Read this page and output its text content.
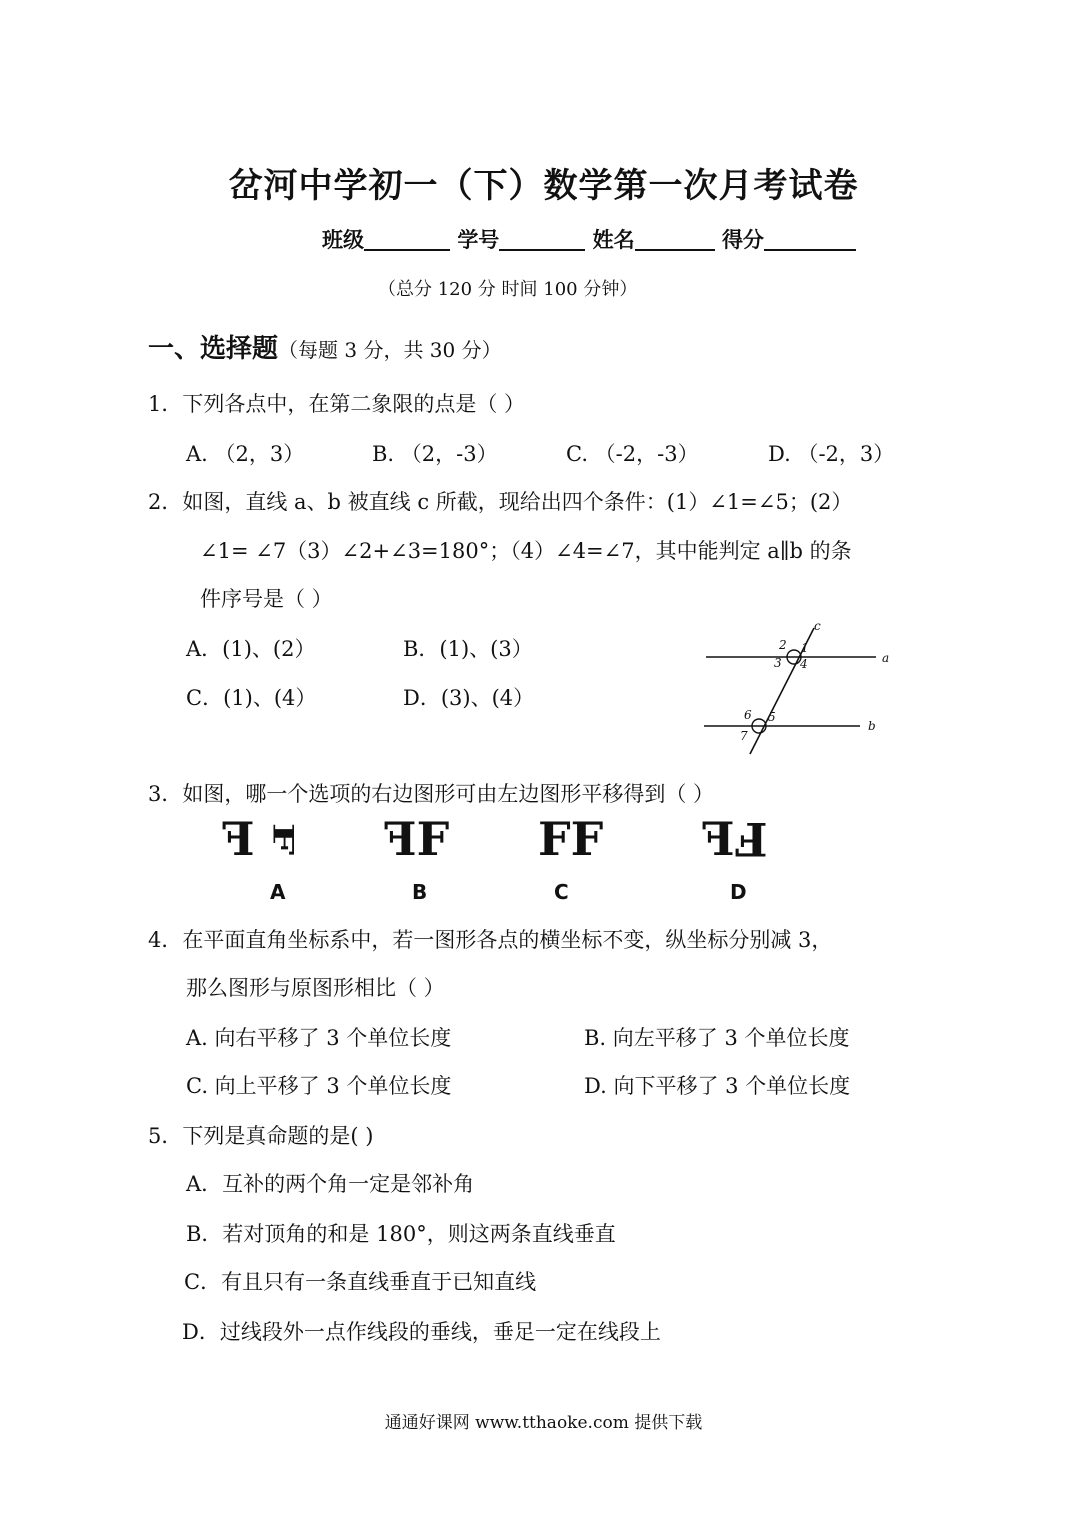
岔河中学初一（下）数学第一次月考试卷
班级	学号	姓名	得分
（总分 120 分 时间 100 分钟）
一、选择题（每题 3 分，共 30 分）
1．下列各点中，在第二象限的点是（ ）
A. （2，3）	B. （2，-3）	C. （-2，-3）	D. （-2，3）
2．如图，直线 a、b 被直线 c 所截，现给出四个条件：(1）∠1=∠5；(2）
∠1= ∠7（3）∠2+∠3=180°；（4）∠4=∠7，其中能判定 a∥b 的条
件序号是（ ）
A．(1)、(2）	B．(1)、(3）
C．(1)、(4）	D．(3)、(4）
c
a
b
2 1
3 4
6 5
7
3．如图，哪一个选项的右边图形可由左边图形平移得到（ ）
F F FF FF FF
A	B	C	D
4．在平面直角坐标系中，若一图形各点的横坐标不变，纵坐标分别减 3，
那么图形与原图形相比（ ）
A. 向右平移了 3 个单位长度	B. 向左平移了 3 个单位长度
C. 向上平移了 3 个单位长度	D. 向下平移了 3 个单位长度
5．下列是真命题的是( )
A．互补的两个角一定是邻补角
B．若对顶角的和是 180°，则这两条直线垂直
C．有且只有一条直线垂直于已知直线
D．过线段外一点作线段的垂线，垂足一定在线段上
通通好课网 www.tthaoke.com 提供下载
